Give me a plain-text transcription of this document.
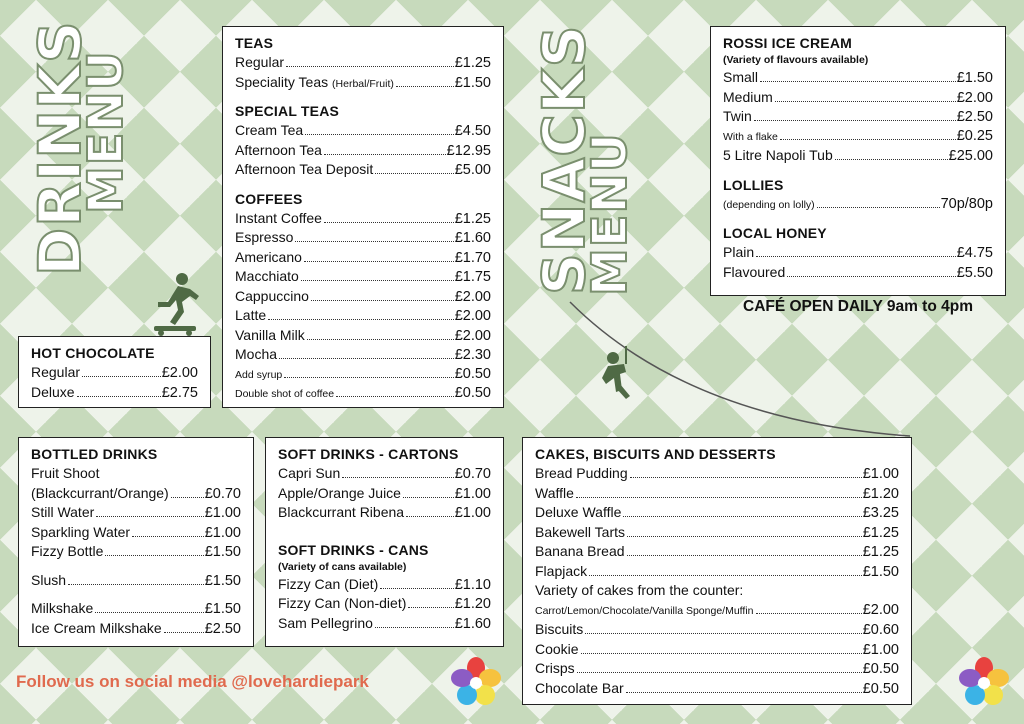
DRINKS
MENU	SNACKS
MENU
HOT CHOCOLATE
Regular	£2.00
Deluxe	£2.75
TEAS
Regular	£1.25
Speciality Teas
(Herbal/Fruit)	£1.50
SPECIAL TEAS
Cream Tea	£4.50
Afternoon Tea	£12.95
Afternoon Tea Deposit	£5.00
COFFEES
Instant Coffee	£1.25
Espresso	£1.60
Americano	£1.70
Macchiato	£1.75
Cappuccino	£2.00
Latte	£2.00
Vanilla Milk	£2.00
Mocha	£2.30
Add syrup	£0.50
Double shot of coffee	£0.50
ROSSI ICE CREAM
(Variety of flavours available)
Small	£1.50
Medium	£2.00
Twin	£2.50
With a flake	£0.25
5 Litre Napoli Tub	£25.00
LOLLIES
(depending on lolly)	70p/80p
LOCAL HONEY
Plain	£4.75
Flavoured	£5.50
CAFÉ OPEN DAILY 9am to 4pm
BOTTLED DRINKS
Fruit Shoot
(Blackcurrant/Orange) £0.70
Still Water	£1.00
Sparkling Water	£1.00
Fizzy Bottle	£1.50
Slush	£1.50
Milkshake	£1.50
Ice Cream Milkshake	£2.50
SOFT DRINKS - CARTONS
Capri Sun	£0.70
Apple/Orange Juice	£1.00
Blackcurrant Ribena	£1.00
SOFT DRINKS - CANS
(Variety of cans available)
Fizzy Can (Diet)	£1.10
Fizzy Can (Non-diet)	£1.20
Sam Pellegrino	£1.60
CAKES, BISCUITS AND DESSERTS
Bread Pudding	£1.00
Waffle	£1.20
Deluxe Waffle	£3.25
Bakewell Tarts	£1.25
Banana Bread	£1.25
Flapjack	£1.50
Variety of cakes from the counter:
Carrot/Lemon/Chocolate/Vanilla Sponge/Muffin	£2.00
Biscuits	£0.60
Cookie	£1.00
Crisps	£0.50
Chocolate Bar	£0.50
Follow us on social media @lovehardiepark
